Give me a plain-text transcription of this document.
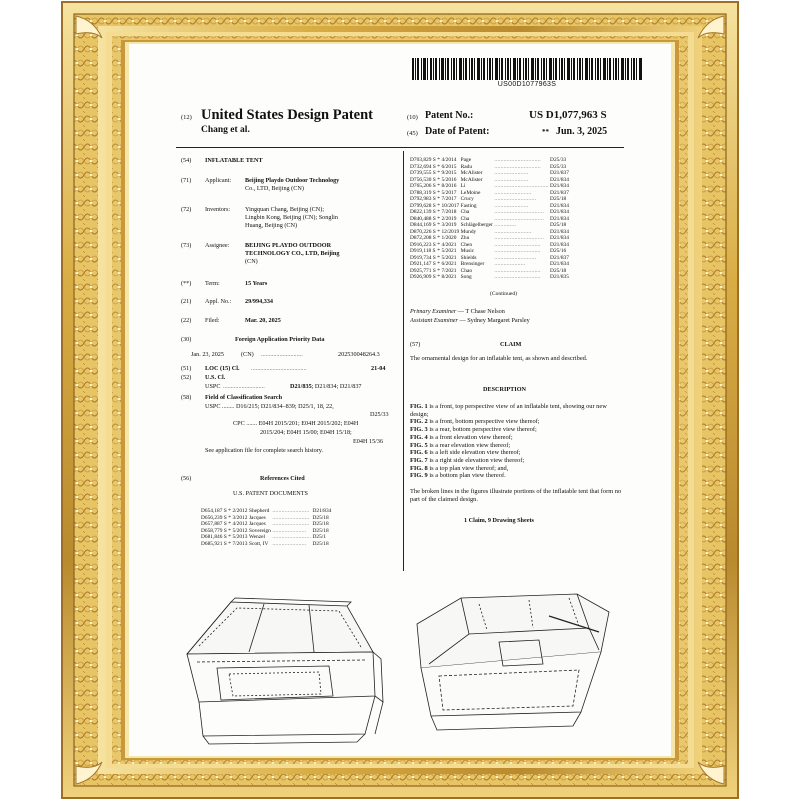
US00D1077963S
(12) United States Design Patent
Chang et al.
(10) Patent No.:	US D1,077,963 S
(45) Date of Patent:	** Jun. 3, 2025
(54) INFLATABLE TENT
(71) Applicant: Beijing Playdo Outdoor Technology
Co., LTD, Beijing (CN)
(72) Inventors: Yingquan Chang, Beijing (CN);
Lingbin Kong, Beijing (CN); Songlin
Huang, Beijing (CN)
(73) Assignee:	BEIJING PLAYDO OUTDOOR
TECHNOLOGY CO., LTD, Beijing
(CN)
(**) Term:	15 Years
(21) Appl. No.: 29/994,334
(22) Filed:	Mar. 20, 2025
(30)	Foreign Application Priority Data
Jan. 23, 2025	(CN) ...........................	202530048264.3
(51) LOC (15) Cl. ....................................	21-04
(52) U.S. Cl.
USPC ...........................	D21/835; D21/834; D21/837
(58) Field of Classification Search
USPC ........ D16/215; D21/834–839; D25/1, 18, 22,
D25/33
CPC ....... E04H 2015/201; E04H 2015/202; E04H
2015/204; E04H 15/00; E04H 15/18;
E04H 15/36
See application file for complete search history.
(56)	References Cited
U.S. PATENT DOCUMENTS
D654,187 S	*	2/2012	Shepherd	........................	D21/834
D656,239 S	*	3/2012	Jacques	........................	D25/18
D657,887 S	*	4/2012	Jacques	........................	D25/18
D658,779 S	*	5/2012	Sovereign	......................	D25/18
D681,846 S	*	5/2013	Wenzel	.........................	D25/1
D685,921 S	*	7/2013	Scott, IV	......................	D25/18
D703,829 S	*	4/2014	Page	..............................	D25/33
D732,694 S	*	6/2015	Radu	..............................	D25/33
D739,555 S	*	9/2015	McAlister	......................	D21/837
D756,530 S	*	5/2016	McAlister	......................	D21/834
D765,206 S	*	8/2016	Li	...................................	D21/834
D788,319 S	*	5/2017	LeMoine	........................	D21/837
D792,983 S	*	7/2017	Crucy	...........................	D25/18
D799,628 S	*	10/2017	Fasting	......................	D21/834
D822,139 S	*	7/2018	Cha	................................	D21/834
D840,488 S	*	2/2019	Cha	................................	D21/834
D844,169 S	*	3/2019	Schlägelberger	..............	D25/18
D870,226 S	*	12/2019	Mundy	........................	D21/834
D872,208 S	*	1/2020	Zhu	................................	D21/834
D916,223 S	*	4/2021	Chen	..............................	D21/834
D919,118 S	*	5/2021	Music	..............................	D25/16
D919,734 S	*	5/2021	Shields	...........................	D21/837
D921,147 S	*	6/2021	Brensinger	....................	D21/834
D925,771 S	*	7/2021	Chao	..............................	D25/18
D926,909 S	*	8/2021	Song	..............................	D21/835
(Continued)
Primary Examiner — T Chase Nelson
Assistant Examiner — Sydney Margaret Parsley
(57)	CLAIM
The ornamental design for an inflatable tent, as shown and described.
DESCRIPTION
FIG. 1 is a front, top perspective view of an inflatable tent, showing our new design;
FIG. 2 is a front, bottom perspective view thereof;
FIG. 3 is a rear, bottom perspective view thereof;
FIG. 4 is a front elevation view thereof;
FIG. 5 is a rear elevation view thereof;
FIG. 6 is a left side elevation view thereof;
FIG. 7 is a right side elevation view thereof;
FIG. 8 is a top plan view thereof; and,
FIG. 9 is a bottom plan view thereof.
The broken lines in the figures illustrate portions of the inflatable tent that form no part of the claimed design.
1 Claim, 9 Drawing Sheets
